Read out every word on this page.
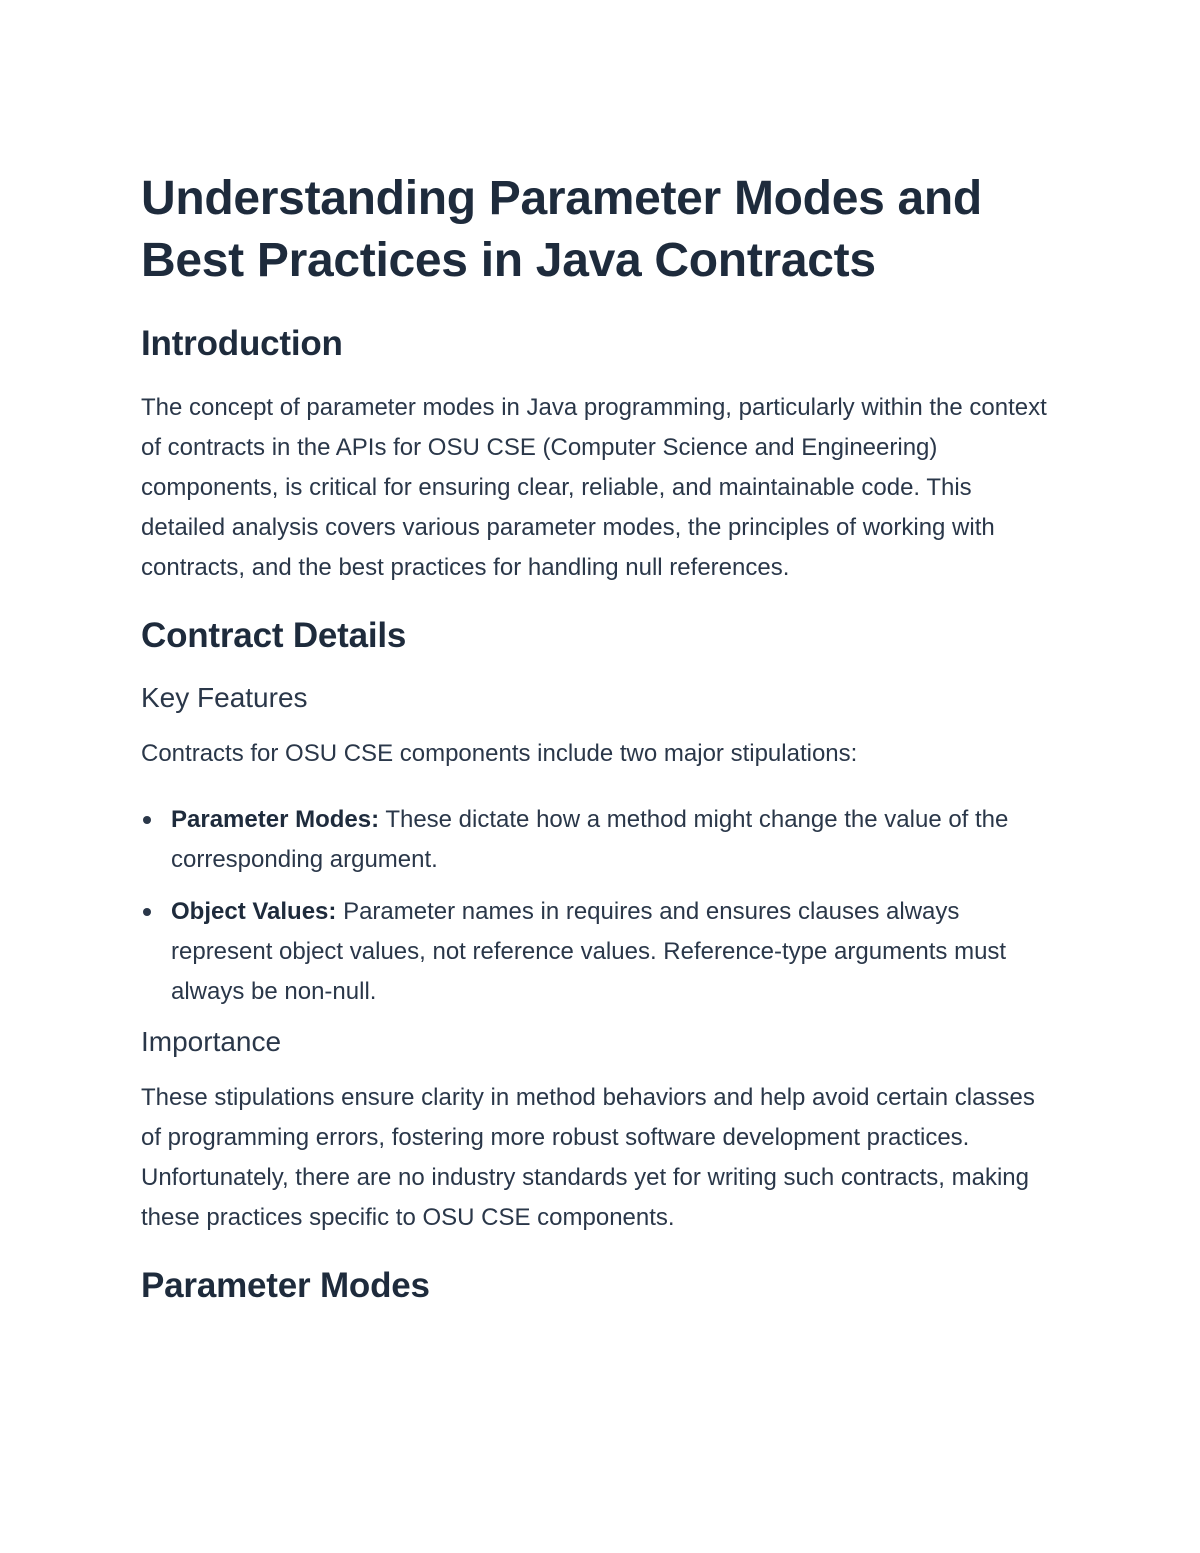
Understanding Parameter Modes and Best Practices in Java Contracts
Introduction

The concept of parameter modes in Java programming, particularly within the context of contracts in the APIs for OSU CSE (Computer Science and Engineering) components, is critical for ensuring clear, reliable, and maintainable code. This detailed analysis covers various parameter modes, the principles of working with contracts, and the best practices for handling null references.

Contract Details
Key Features

Contracts for OSU CSE components include two major stipulations:

Parameter Modes: These dictate how a method might change the value of the corresponding argument.
Object Values: Parameter names in requires and ensures clauses always represent object values, not reference values. Reference-type arguments must always be non-null.
Importance

These stipulations ensure clarity in method behaviors and help avoid certain classes of programming errors, fostering more robust software development practices. Unfortunately, there are no industry standards yet for writing such contracts, making these practices specific to OSU CSE components.

Parameter Modes
